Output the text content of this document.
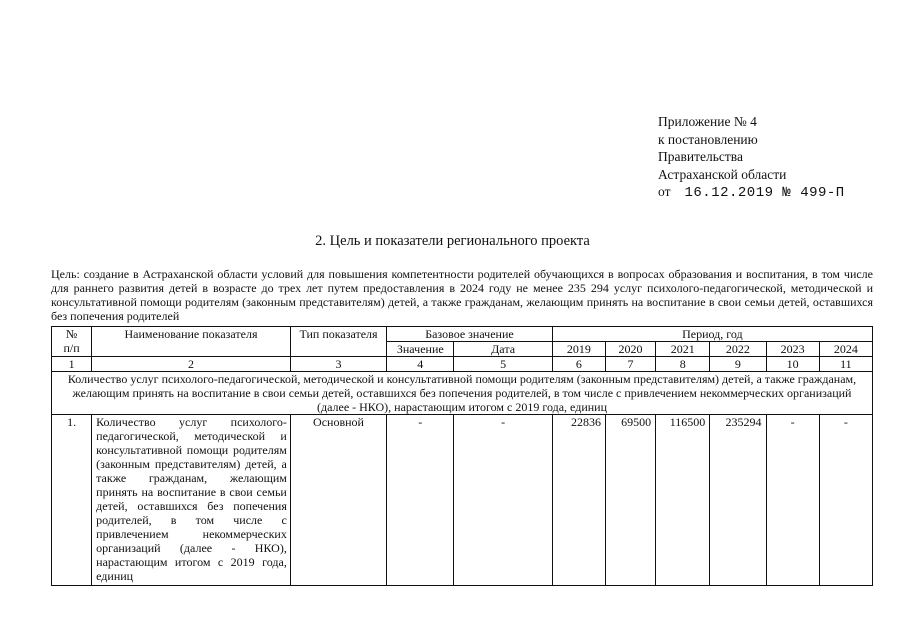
Приложение № 4
к постановлению
Правительства
Астраханской области
от 16.12.2019 № 499-П
2. Цель и показатели регионального проекта
Цель: создание в Астраханской области условий для повышения компетентности родителей обучающихся в вопросах образования и воспитания, в том числе для раннего развития детей в возрасте до трех лет путем предоставления в 2024 году не менее 235 294 услуг психолого-педагогической, методической и консультативной помощи родителям (законным представителям) детей, а также гражданам, желающим принять на воспитание в свои семьи детей, оставшихся без попечения родителей
№
п/п	Наименование показателя	Тип показателя	Базовое значение		Период, год					
			Значение	Дата	2019	2020	2021	2022	2023	2024
1	2	3	4	5	6	7	8	9	10	11
Количество услуг психолого-педагогической, методической и консультативной помощи родителям (законным представителям) детей, а также гражданам, желающим принять на воспитание в свои семьи детей, оставшихся без попечения родителей, в том числе с привлечением некоммерческих организаций (далее - НКО), нарастающим итогом с 2019 года, единиц										
1.	Количество услуг психолого-педагогической, методической и консультативной помощи родителям (законным представителям) детей, а также гражданам, желающим принять на воспитание в свои семьи детей, оставшихся без попечения родителей, в том числе с привлечением некоммерческих организаций (далее - НКО), нарастающим итогом с 2019 года, единиц	Основной	-	-	22836	69500	116500	235294	-	-
